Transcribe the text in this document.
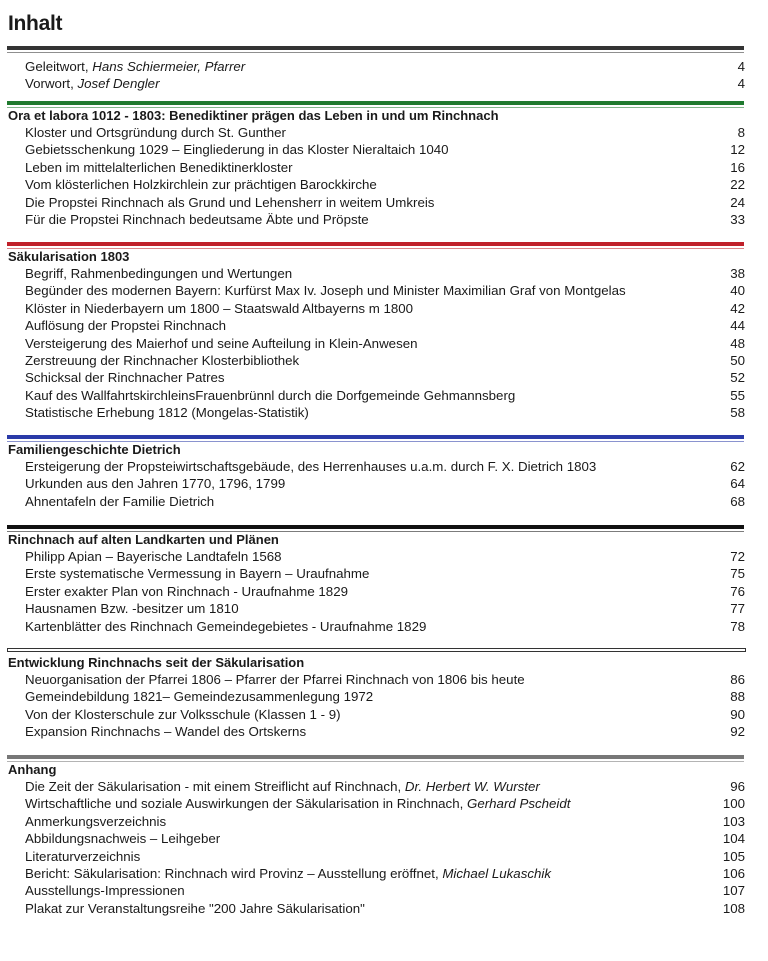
Inhalt
Geleitwort, Hans Schiermeier, Pfarrer	4
Vorwort, Josef Dengler	4
Ora et labora 1012 - 1803: Benediktiner prägen das Leben in und um Rinchnach
Kloster und Ortsgründung durch St. Gunther	8
Gebietsschenkung 1029 – Eingliederung in das Kloster Nieraltaich 1040	12
Leben im mittelalterlichen Benediktinerkloster	16
Vom klösterlichen Holzkirchlein zur prächtigen Barockkirche	22
Die Propstei Rinchnach als Grund und Lehensherr in weitem Umkreis	24
Für die Propstei Rinchnach bedeutsame Äbte und Pröpste	33
Säkularisation 1803
Begriff, Rahmenbedingungen und Wertungen	38
Begünder des modernen Bayern: Kurfürst Max Iv. Joseph und Minister Maximilian Graf von Montgelas	40
Klöster in Niederbayern um 1800 – Staatswald Altbayerns m 1800	42
Auflösung der Propstei Rinchnach	44
Versteigerung des Maierhof und seine Aufteilung in Klein-Anwesen	48
Zerstreuung der Rinchnacher Klosterbibliothek	50
Schicksal der Rinchnacher Patres	52
Kauf des WallfahrtskirchleinsFrauenbrünnl durch die Dorfgemeinde Gehmannsberg	55
Statistische Erhebung 1812 (Mongelas-Statistik)	58
Familiengeschichte Dietrich
Ersteigerung der Propsteiwirtschaftsgebäude, des Herrenhauses u.a.m. durch F. X. Dietrich 1803	62
Urkunden aus den Jahren 1770, 1796, 1799	64
Ahnentafeln der Familie Dietrich	68
Rinchnach auf alten Landkarten und Plänen
Philipp Apian – Bayerische Landtafeln 1568	72
Erste systematische Vermessung in Bayern – Uraufnahme	75
Erster exakter Plan von Rinchnach - Uraufnahme 1829	76
Hausnamen Bzw. -besitzer um 1810	77
Kartenblätter des Rinchnach Gemeindegebietes - Uraufnahme 1829	78
Entwicklung Rinchnachs seit der Säkularisation
Neuorganisation der Pfarrei 1806 – Pfarrer der Pfarrei Rinchnach von 1806 bis heute	86
Gemeindebildung 1821– Gemeindezusammenlegung 1972	88
Von der Klosterschule zur Volksschule (Klassen 1 - 9)	90
Expansion Rinchnachs – Wandel des Ortskerns	92
Anhang
Die Zeit der Säkularisation - mit einem Streiflicht auf Rinchnach, Dr. Herbert W. Wurster	96
Wirtschaftliche und soziale Auswirkungen der Säkularisation in Rinchnach, Gerhard Pscheidt	100
Anmerkungsverzeichnis	103
Abbildungsnachweis – Leihgeber	104
Literaturverzeichnis	105
Bericht: Säkularisation: Rinchnach wird Provinz – Ausstellung eröffnet, Michael Lukaschik	106
Ausstellungs-Impressionen	107
Plakat zur Veranstaltungsreihe "200 Jahre Säkularisation"	108
